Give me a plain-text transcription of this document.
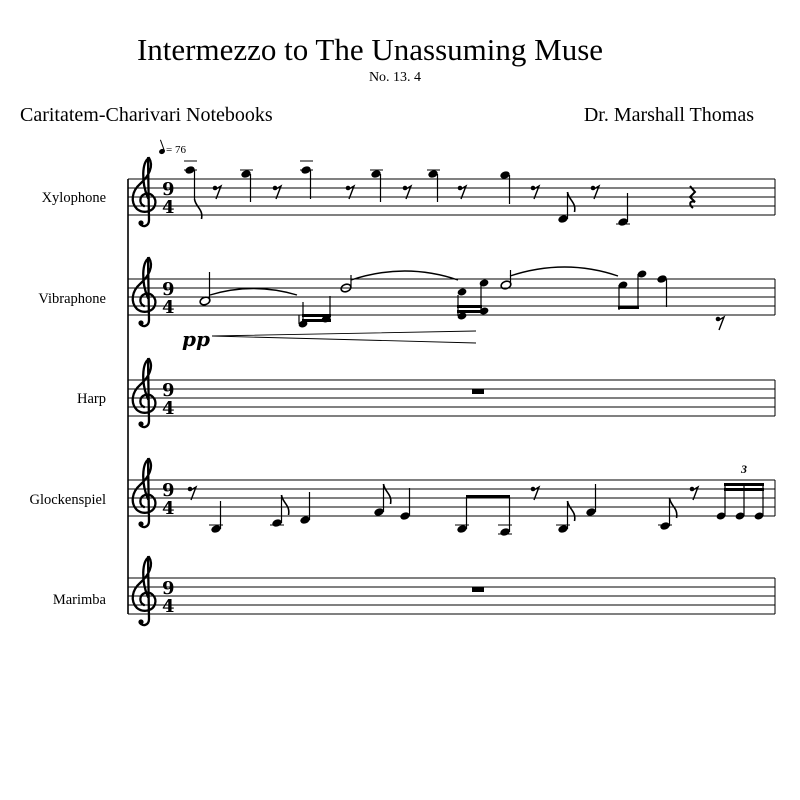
Intermezzo to The Unassuming Muse
No. 13. 4
Caritatem-Charivari Notebooks	Dr. Marshall Thomas
= 76
Xylophone
Vibraphone
Harp
Glockenspiel
Marimba
9
4
9
4
9
4
9
4
9
4
pp
3
